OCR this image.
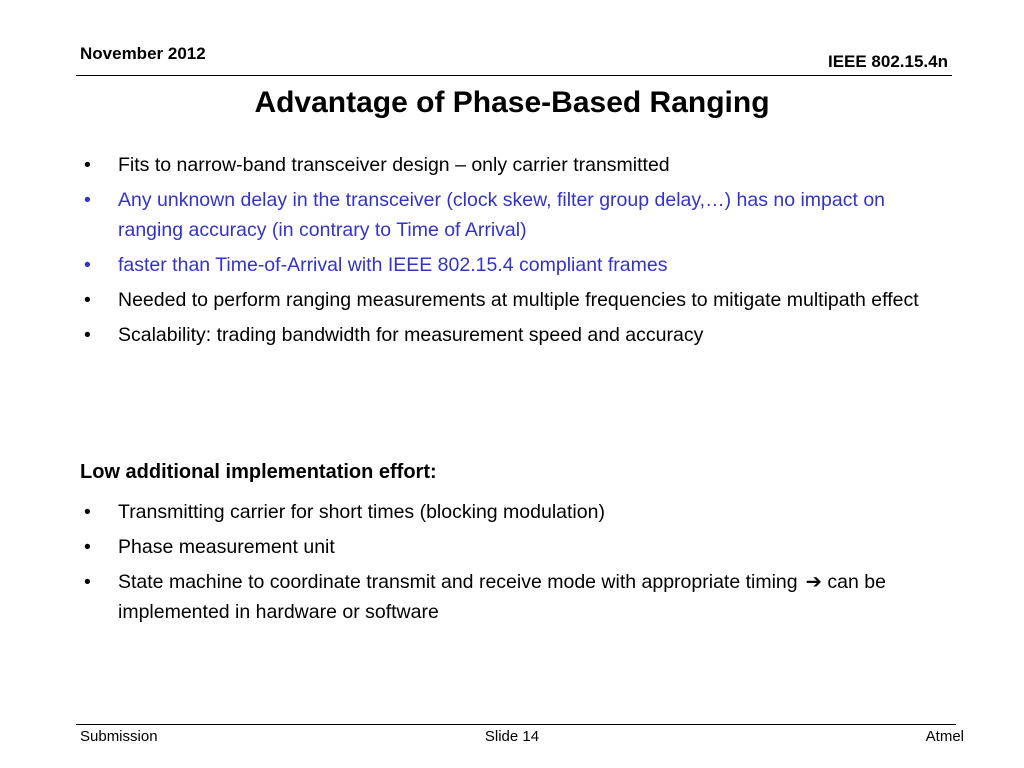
November 2012	IEEE 802.15.4n
Advantage of Phase-Based Ranging
• Fits to narrow-band transceiver design – only carrier transmitted
• Any unknown delay in the transceiver (clock skew, filter group delay,…) has no impact on ranging accuracy (in contrary to Time of Arrival)
• faster than Time-of-Arrival with IEEE 802.15.4 compliant frames
• Needed to perform ranging measurements at multiple frequencies to mitigate multipath effect
• Scalability: trading bandwidth for measurement speed and accuracy
Low additional implementation effort:
• Transmitting carrier for short times (blocking modulation)
• Phase measurement unit
• State machine to coordinate transmit and receive mode with appropriate timing ➔ can be implemented in hardware or software
Submission	Slide 14	Atmel
